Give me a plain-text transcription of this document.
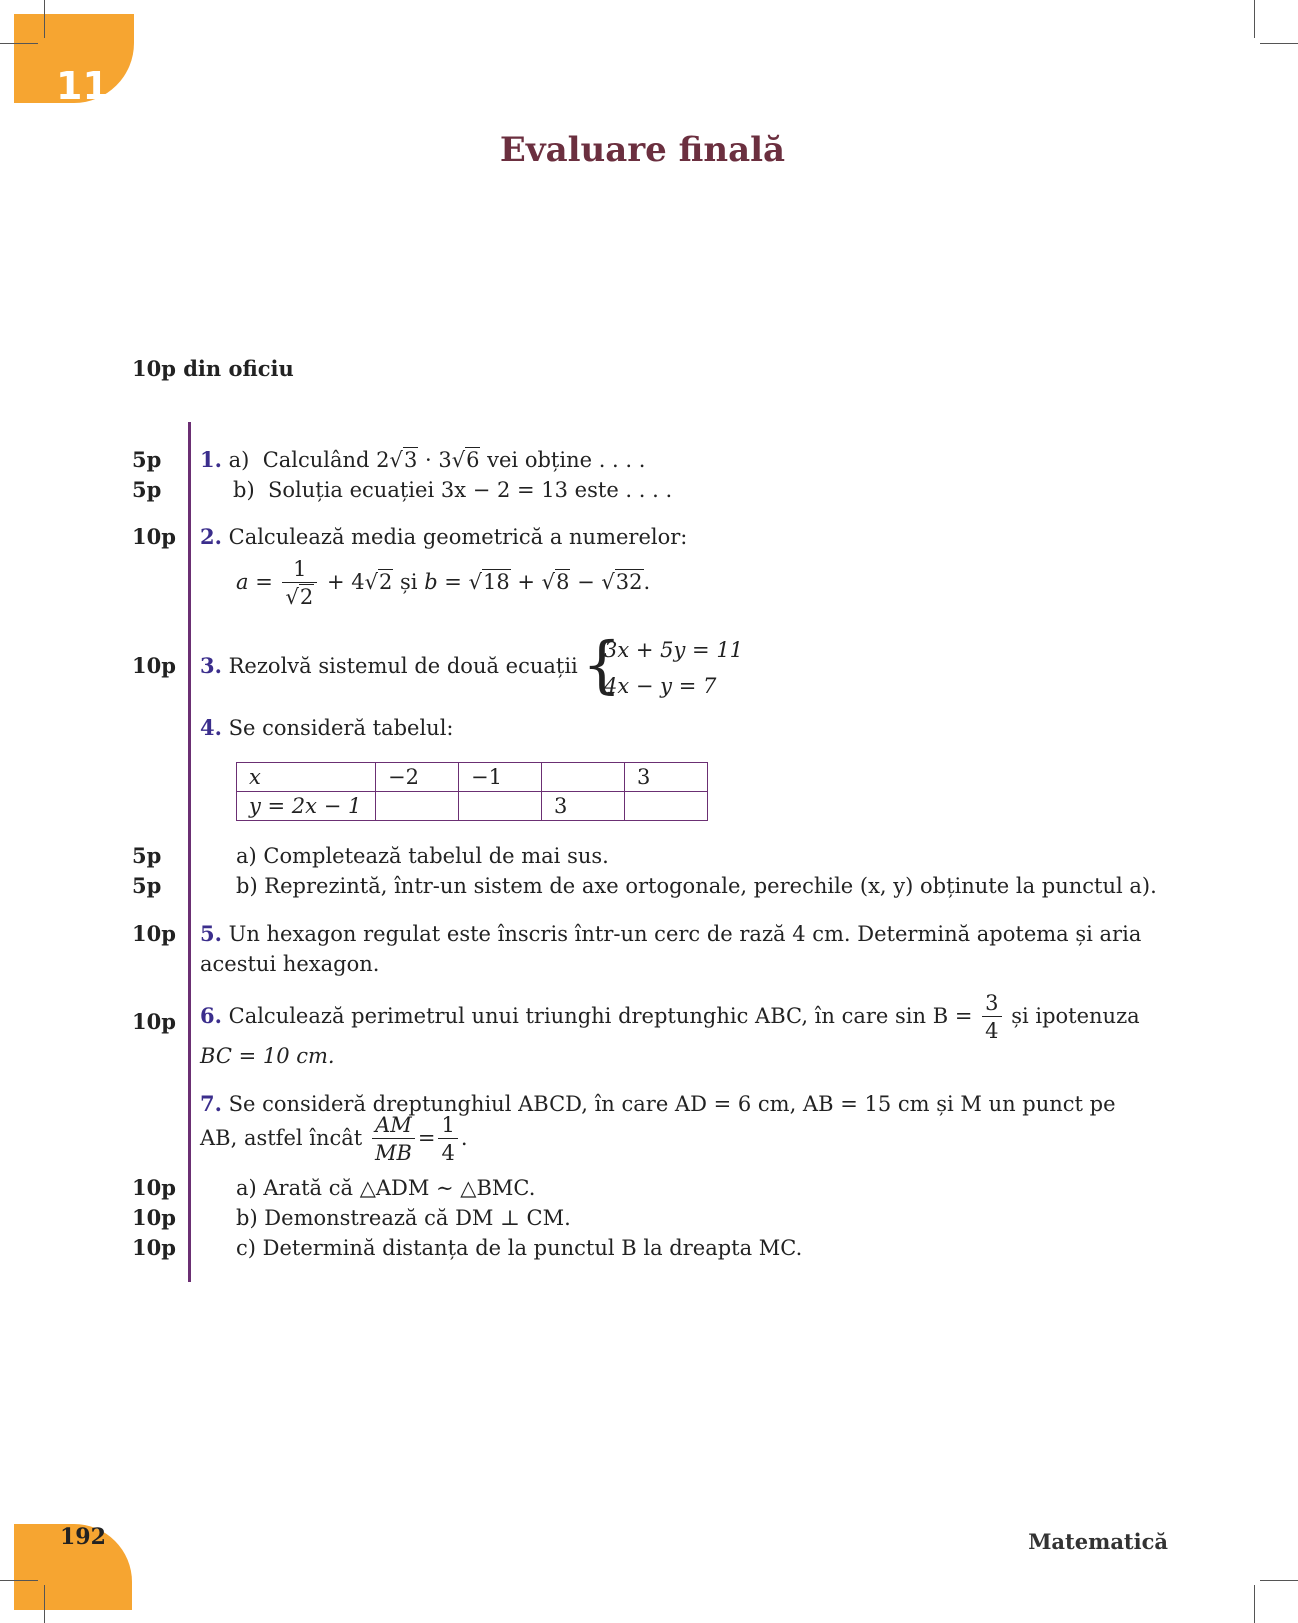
11
Evaluare finală
10p din oficiu
5p
5p
1. a) Calculând 2√3 · 3√6 vei obține . . . .
b) Soluția ecuației 3x − 2 = 13 este . . . .
10p 2. Calculează media geometrică a numerelor:
$a = \frac{1}{√2} + 4√2$ și b = √18 + √8 − √32.
10p 3. Rezolvă sistemul de două ecuații {
3x + 5y = 11
4x − y = 7
4. Se consideră tabelul:
x	−2	−1		3
y = 2x − 1			3	
5p
5p
a) Completează tabelul de mai sus.
b) Reprezintă, într-un sistem de axe ortogonale, perechile (x, y) obținute la punctul a).
10p 5. Un hexagon regulat este înscris într-un cerc de rază 4 cm. Determină apotema și aria
acestui hexagon.
10p 6. Calculează perimetrul unui triunghi dreptunghic ABC, în care $\sin B = \frac{3}{4}$ și ipotenuza
BC = 10 cm.
7. Se consideră dreptunghiul ABCD, în care AD = 6 cm, AB = 15 cm și M un punct pe
AB, astfel încât $\frac{AM}{MB} = \frac{1}{4}$ .
10p
10p
10p
a) Arată că △ADM ∼ △BMC.
b) Demonstrează că DM ⊥ CM.
c) Determină distanța de la punctul B la dreapta MC.
192	Matematică
